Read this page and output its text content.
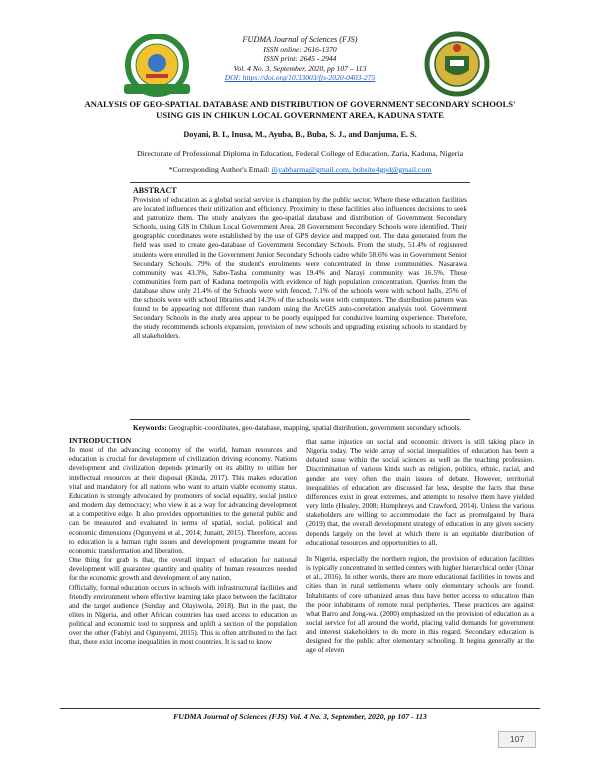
FUDMA Journal of Sciences (FJS)
ISSN online: 2616-1370
ISSN print: 2645 - 2944
Vol. 4 No. 3, September, 2020, pp 107 – 113
DOI: https://doi.org/10.33003/fjs-2020-0403-275
ANALYSIS OF GEO-SPATIAL DATABASE AND DISTRIBUTION OF GOVERNMENT SECONDARY SCHOOLS'
USING GIS IN CHIKUN LOCAL GOVERNMENT AREA, KADUNA STATE
Doyani, B. I., Inusa, M., Ayuba, B., Buba, S. J., and Danjuma, E. S.
Directorate of Professional Diploma in Education, Federal College of Education, Zaria, Kaduna, Nigeria
*Corresponding Author's Email: iliyabbarma@gmail.com, bobsite4gpd@gmail.com
ABSTRACT
Provision of education as a global social service is champion by the public sector. Where these education facilities are located influences their utilization and efficiency. Proximity to these facilities also influences decisions to seek and patronize them. The study analyzes the geo-spatial database and distribution of Government Secondary Schools, using GIS in Chikun Local Government Area. 28 Government Secondary Schools were identified. Their geographic coordinates were established by the use of GPS device and mapped out. The data generated from the field was used to create geo-database of Government Secondary Schools. From the study, 51.4% of registered students were enrolled in the Government Junior Secondary Schools cadre while 58.6% was in Government Senior Secondary Schools. 79% of the student's enrolments were concentrated in three communities. Nasarawa community was 43.3%, Sabo-Tasha community was 19.4% and Narayi community was 16.5%. These communities form part of Kaduna metropolis with evidence of high population concentration. Queries from the database show only 21.4% of the Schools were with fenced, 7.1% of the schools were with school halls, 25% of the schools were with school libraries and 14.3% of the schools were with computers. The distribution pattern was found to be appearing not different than random using the ArcGIS auto-correlation analysis tool. Government Secondary Schools in the study area appear to be poorly equipped for conducive learning experience. Therefore, the study recommends schools expansion, provision of new schools and upgrading existing schools to standard by all stakeholders.
Keywords: Geographic-coordinates, geo-database, mapping, spatial distribution, government secondary schools.
INTRODUCTION

In most of the advancing economy of the world, human resources and education is crucial for development of civilization driving economy. Nations development and civilization depends primarily on its ability to utilize her intellectual resources at their disposal (Kinda, 2017). This makes education vital and mandatory for all nations who want to attain viable economy status. Education is strongly advocated by promoters of social equality, social justice and modern day democracy; who view it as a way for advancing development at a competitive edge. It also provides opportunities to the general public and can be measured and evaluated in terms of spatial, social, political and economic dimensions (Ogunyemi et al., 2014; Junaitt, 2015). Therefore, access to education is a human right issues and development programme meant for economic transformation and liberation.

One thing for grab is that, the overall impact of education for national development will guarantee quantity and quality of human resources needed for the economic growth and development of any nation.

Officially, formal education occurs in schools with infrastructural facilities and friendly environment where effective learning take place between the facilitator and the target audience (Sunday and Olayiwola, 2018). But in the past, the elites in Nigeria, and other African countries has used access to education as political and economic tool to suppress and uplift a section of the population over the other (Fabiyi and Ogunyemi, 2015). This is often attributed to the fact that, there exist income inequalities in most countries. It is sad to know

that same injustice on social and economic drivers is still taking place in Nigeria today. The wide array of social inequalities of education has been a debated issue within the social sciences as well as the teaching profession. Discrimination of various kinds such as religion, politics, ethnic, racial, and gender are very often the main issues of debate. However, territorial inequalities of education are discussed far less, despite the facts that these differences exist in great extremes, and attempts to resolve them have yielded very little (Healey, 2008; Humphreys and Crawford, 2014). Unless the various stakeholders are willing to accommodate the fact as promulgated by Ibara (2019) that, the overall development strategy of education in any given society depends largely on the level at which there is an equitable distribution of educational resources and opportunities to all.

In Nigeria, especially the northern region, the provision of education facilities is typically concentrated in settled centers with higher hierarchical order (Umar et al., 2016). In other words, there are more educational facilities in towns and cities than in rural settlements where only elementary schools are found. Inhabitants of core urbanized areas thus have better access to education than the poor inhabitants of remote rural peripheries. These practices are against what Barro and Jong-wa. (2000) emphasized on the provision of education as a social service for all around the world, placing valid demands for government and interest stakeholders to do more in this regard. Secondary education is designed for the public after elementary schooling. It begins generally at the age of eleven

FUDMA Journal of Sciences (FJS) Vol. 4 No. 3, September, 2020, pp 107 - 113
107
